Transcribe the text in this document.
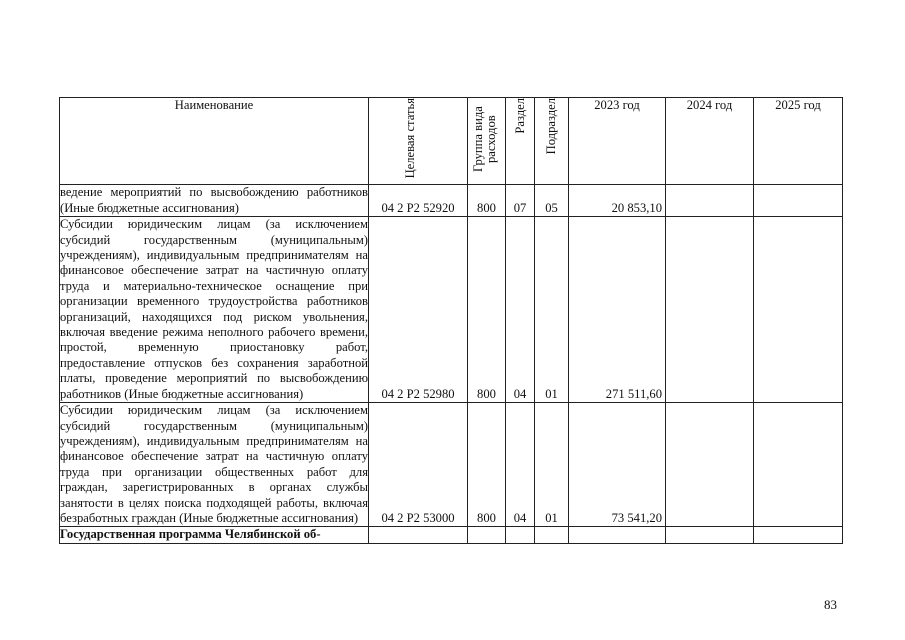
Наименование	Целевая статья	Группа вида расходов	Раздел	Подраздел	2023 год	2024 год	2025 год

ведение мероприятий по высвобождению работников (Иные бюджетные ассигнования)	04 2 P2 52920	800	07	05	20 853,10		

Субсидии юридическим лицам (за исключением субсидий государственным (муниципальным) учреждениям), индивидуальным предпринимателям на финансовое обеспечение затрат на частичную оплату труда и материально-техническое оснащение при организации временного трудоустройства работников организаций, находящихся под риском увольнения, включая введение режима неполного рабочего времени, простой, временную приостановку работ, предоставление отпусков без сохранения заработной платы, проведение мероприятий по высвобождению работников (Иные бюджетные ассигнования)	04 2 P2 52980	800	04	01	271 511,60		

Субсидии юридическим лицам (за исключением субсидий государственным (муниципальным) учреждениям), индивидуальным предпринимателям на финансовое обеспечение затрат на частичную оплату труда при организации общественных работ для граждан, зарегистрированных в органах службы занятости в целях поиска подходящей работы, включая безработных граждан (Иные бюджетные ассигнования)	04 2 P2 53000	800	04	01	73 541,20		

Государственная программа Челябинской об-							

83
